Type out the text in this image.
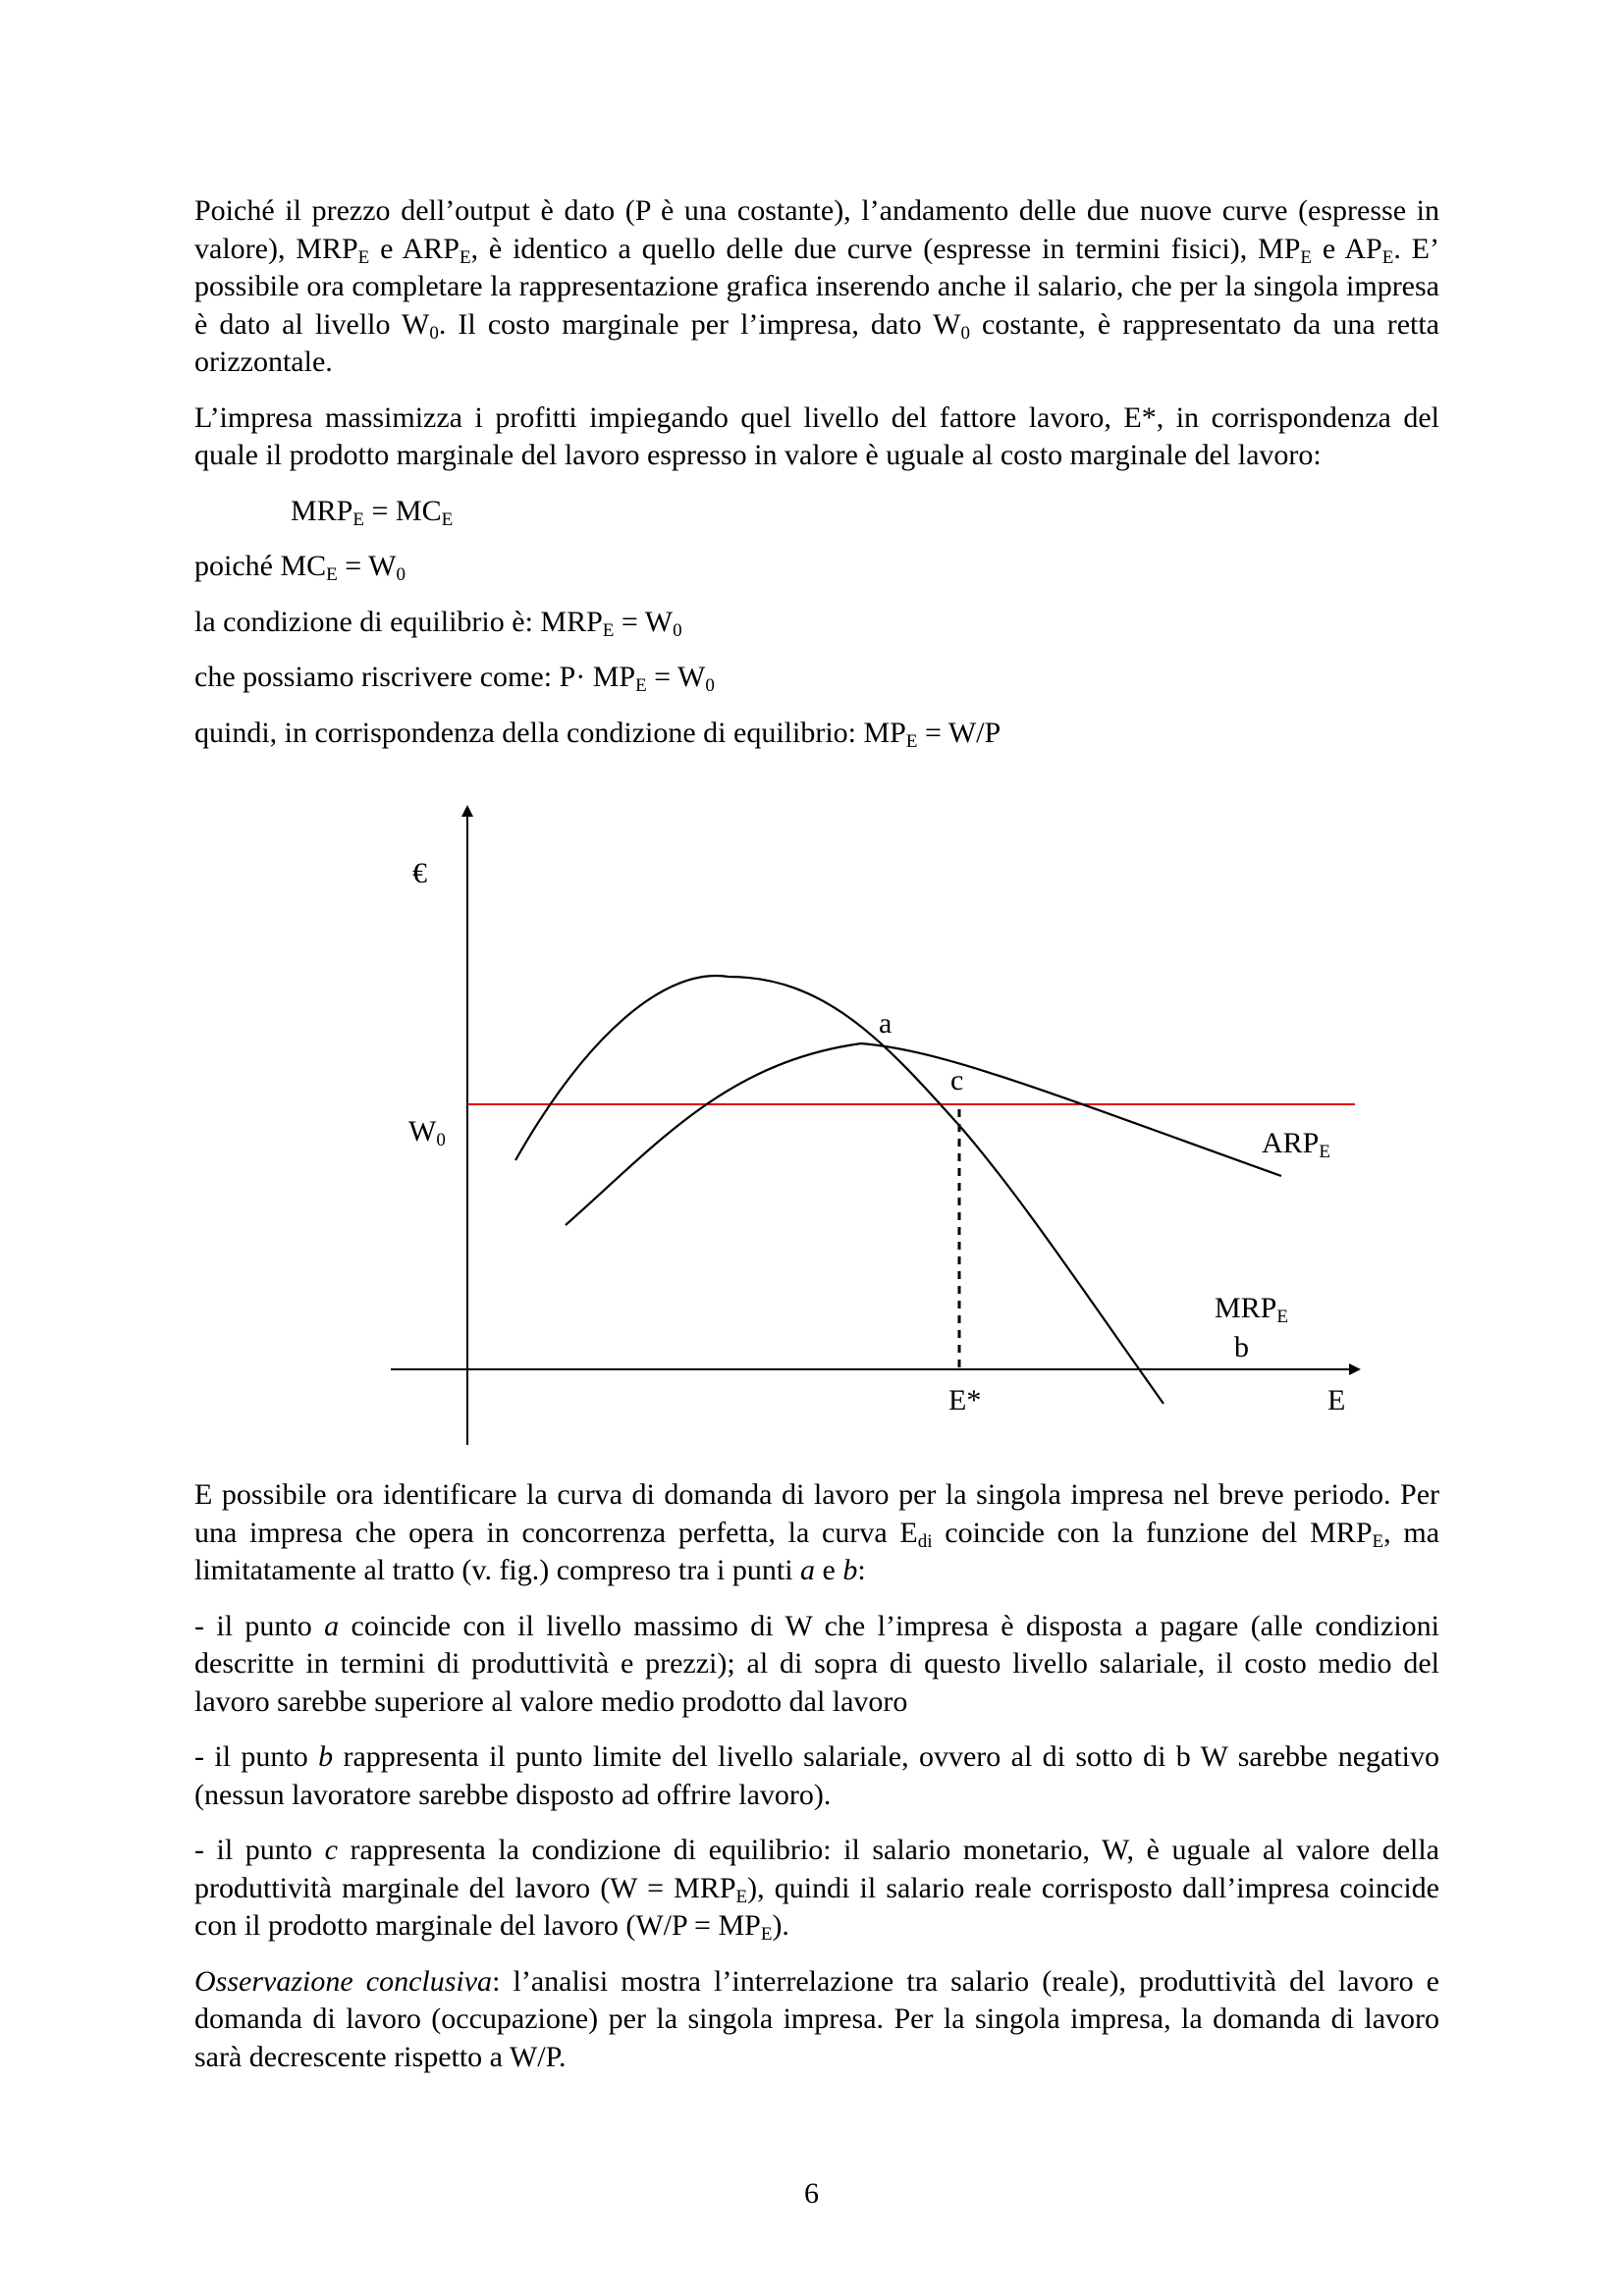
Poiché il prezzo dell’output è dato (P è una costante), l’andamento delle due nuove curve (espresse in valore), $MRP_E$ e $ARP_E$, è identico a quello delle due curve (espresse in termini fisici), $MP_E$ e $AP_E$. E’ possibile ora completare la rappresentazione grafica inserendo anche il salario, che per la singola impresa è dato al livello $W_0$. Il costo marginale per l’impresa, dato $W_0$ costante, è rappresentato da una retta orizzontale.

L’impresa massimizza i profitti impiegando quel livello del fattore lavoro, E*, in corrispondenza del quale il prodotto marginale del lavoro espresso in valore è uguale al costo marginale del lavoro:

$MRP_E = MC_E$

poiché $MC_E = W_0$

la condizione di equilibrio è: $MRP_E = W_0$

che possiamo riscrivere come: $P\cdot MP_E = W_0$

quindi, in corrispondenza della condizione di equilibrio: $MP_E = W/P$

€
$W_0$
a
c
$ARP_E$
$MRP_E$
b
E*	E

E possibile ora identificare la curva di domanda di lavoro per la singola impresa nel breve periodo. Per una impresa che opera in concorrenza perfetta, la curva $E_{di}$ coincide con la funzione del $MRP_E$, ma limitatamente al tratto (v. fig.) compreso tra i punti a e b:

- il punto a coincide con il livello massimo di W che l’impresa è disposta a pagare (alle condizioni descritte in termini di produttività e prezzi); al di sopra di questo livello salariale, il costo medio del lavoro sarebbe superiore al valore medio prodotto dal lavoro

- il punto b rappresenta il punto limite del livello salariale, ovvero al di sotto di b W sarebbe negativo (nessun lavoratore sarebbe disposto ad offrire lavoro).

- il punto c rappresenta la condizione di equilibrio: il salario monetario, W, è uguale al valore della produttività marginale del lavoro $(W = MRP_E)$, quindi il salario reale corrisposto dall’impresa coincide con il prodotto marginale del lavoro $(W/P = MP_E)$.

Osservazione conclusiva: l’analisi mostra l’interrelazione tra salario (reale), produttività del lavoro e domanda di lavoro (occupazione) per la singola impresa. Per la singola impresa, la domanda di lavoro sarà decrescente rispetto a W/P.

6
